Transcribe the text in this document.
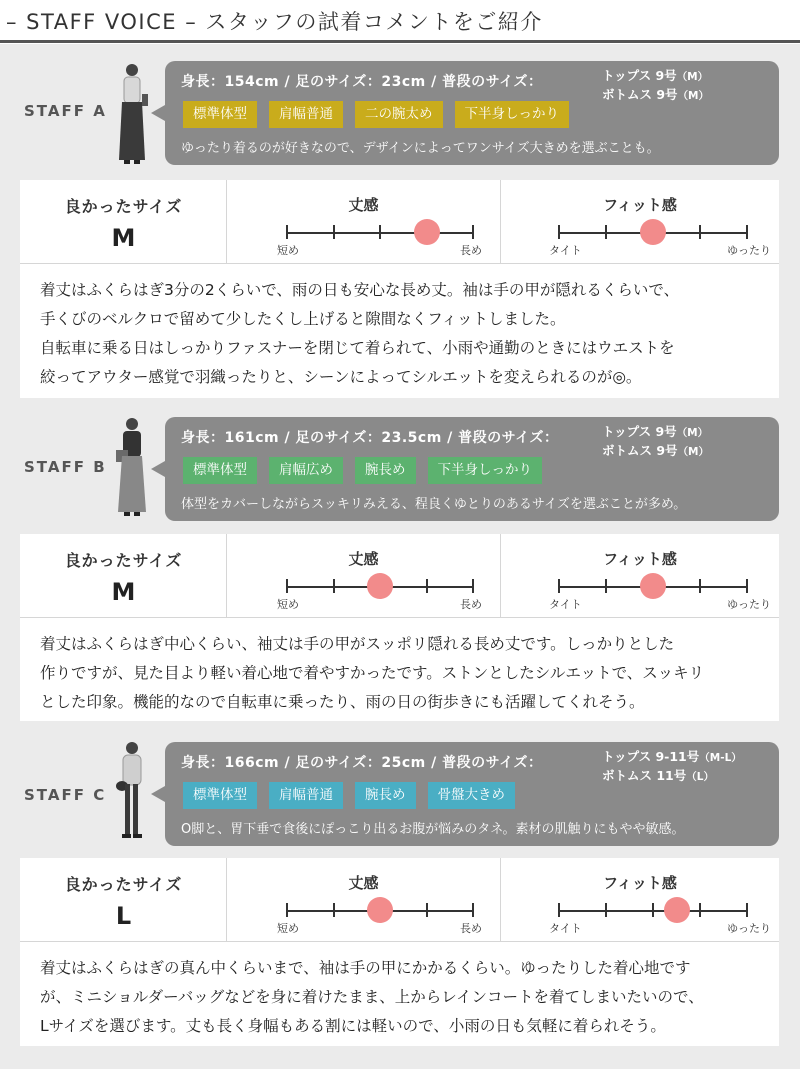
– STAFF VOICE – スタッフの試着コメントをご紹介
STAFF A
身長：154cm / 足のサイズ：23cm / 普段のサイズ：	トップス 9号（M）
ボトムス 9号（M）
標準体型	肩幅普通	二の腕太め	下半身しっかり
ゆったり着るのが好きなので、デザインによってワンサイズ大きめを選ぶことも。
良かったサイズ
M
丈感
短め	長め
フィット感
タイト	ゆったり
着丈はふくらはぎ3分の2くらいで、雨の日も安心な長め丈。袖は手の甲が隠れるくらいで、
手くびのベルクロで留めて少したくし上げると隙間なくフィットしました。
自転車に乗る日はしっかりファスナーを閉じて着られて、小雨や通勤のときにはウエストを
絞ってアウター感覚で羽織ったりと、シーンによってシルエットを変えられるのが◎。
STAFF B
身長：161cm / 足のサイズ：23.5cm / 普段のサイズ：	トップス 9号（M）
ボトムス 9号（M）
標準体型	肩幅広め	腕長め	下半身しっかり
体型をカバーしながらスッキリみえる、程良くゆとりのあるサイズを選ぶことが多め。
良かったサイズ
M
丈感
短め	長め
フィット感
タイト	ゆったり
着丈はふくらはぎ中心くらい、袖丈は手の甲がスッポリ隠れる長め丈です。しっかりとした
作りですが、見た目より軽い着心地で着やすかったです。ストンとしたシルエットで、スッキリ
とした印象。機能的なので自転車に乗ったり、雨の日の街歩きにも活躍してくれそう。
STAFF C
身長：166cm / 足のサイズ：25cm / 普段のサイズ：	トップス 9-11号（M-L）
ボトムス 11号（L）
標準体型	肩幅普通	腕長め	骨盤大きめ
O脚と、胃下垂で食後にぽっこり出るお腹が悩みのタネ。素材の肌触りにもやや敏感。
良かったサイズ
L
丈感
短め	長め
フィット感
タイト	ゆったり
着丈はふくらはぎの真ん中くらいまで、袖は手の甲にかかるくらい。ゆったりした着心地です
が、ミニショルダーバッグなどを身に着けたまま、上からレインコートを着てしまいたいので、
Lサイズを選びます。丈も長く身幅もある割には軽いので、小雨の日も気軽に着られそう。
